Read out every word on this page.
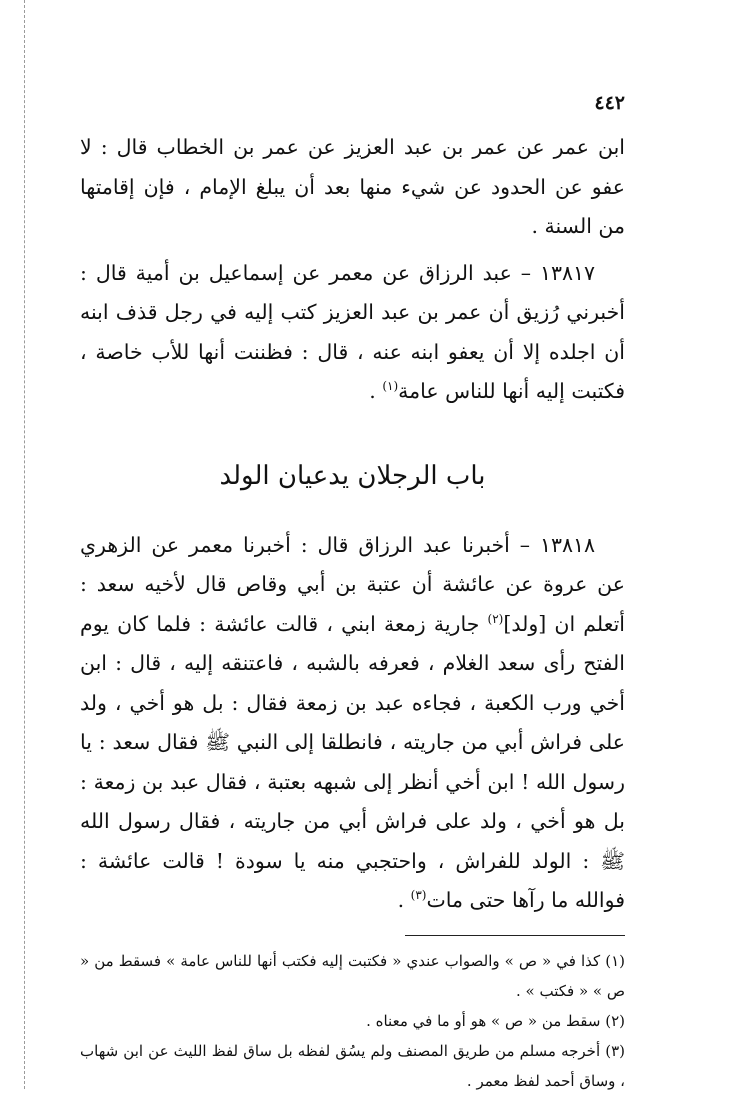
٤٤٢

ابن عمر عن عمر بن عبد العزيز عن عمر بن الخطاب قال : لا عفو عن الحدود عن شيء منها بعد أن يبلغ الإمام ، فإن إقامتها من السنة .

١٣٨١٧ – عبد الرزاق عن معمر عن إسماعيل بن أمية قال : أخبرني رُزيق أن عمر بن عبد العزيز كتب إليه في رجل قذف ابنه أن اجلده إلا أن يعفو ابنه عنه ، قال : فظننت أنها للأب خاصة ، فكتبت إليه أنها للناس عامة$^{(١)}$ .

باب الرجلان يدعيان الولد

١٣٨١٨ – أخبرنا عبد الرزاق قال : أخبرنا معمر عن الزهري عن عروة عن عائشة أن عتبة بن أبي وقاص قال لأخيه سعد : أتعلم ان [ولد]$^{(٢)}$ جارية زمعة ابني ، قالت عائشة : فلما كان يوم الفتح رأى سعد الغلام ، فعرفه بالشبه ، فاعتنقه إليه ، قال : ابن أخي ورب الكعبة ، فجاءه عبد بن زمعة فقال : بل هو أخي ، ولد على فراش أبي من جاريته ، فانطلقا إلى النبي ﷺ فقال سعد : يا رسول الله ! ابن أخي أنظر إلى شبهه بعتبة ، فقال عبد بن زمعة : بل هو أخي ، ولد على فراش أبي من جاريته ، فقال رسول الله ﷺ : الولد للفراش ، واحتجبي منه يا سودة ! قالت عائشة : فوالله ما رآها حتى مات$^{(٣)}$ .

(١) كذا في « ص » والصواب عندي « فكتبت إليه فكتب أنها للناس عامة » فسقط من « ص » « فكتب » .

(٢) سقط من « ص » هو أو ما في معناه .

(٣) أخرجه مسلم من طريق المصنف ولم يسُق لفظه بل ساق لفظ الليث عن ابن شهاب ، وساق أحمد لفظ معمر .
